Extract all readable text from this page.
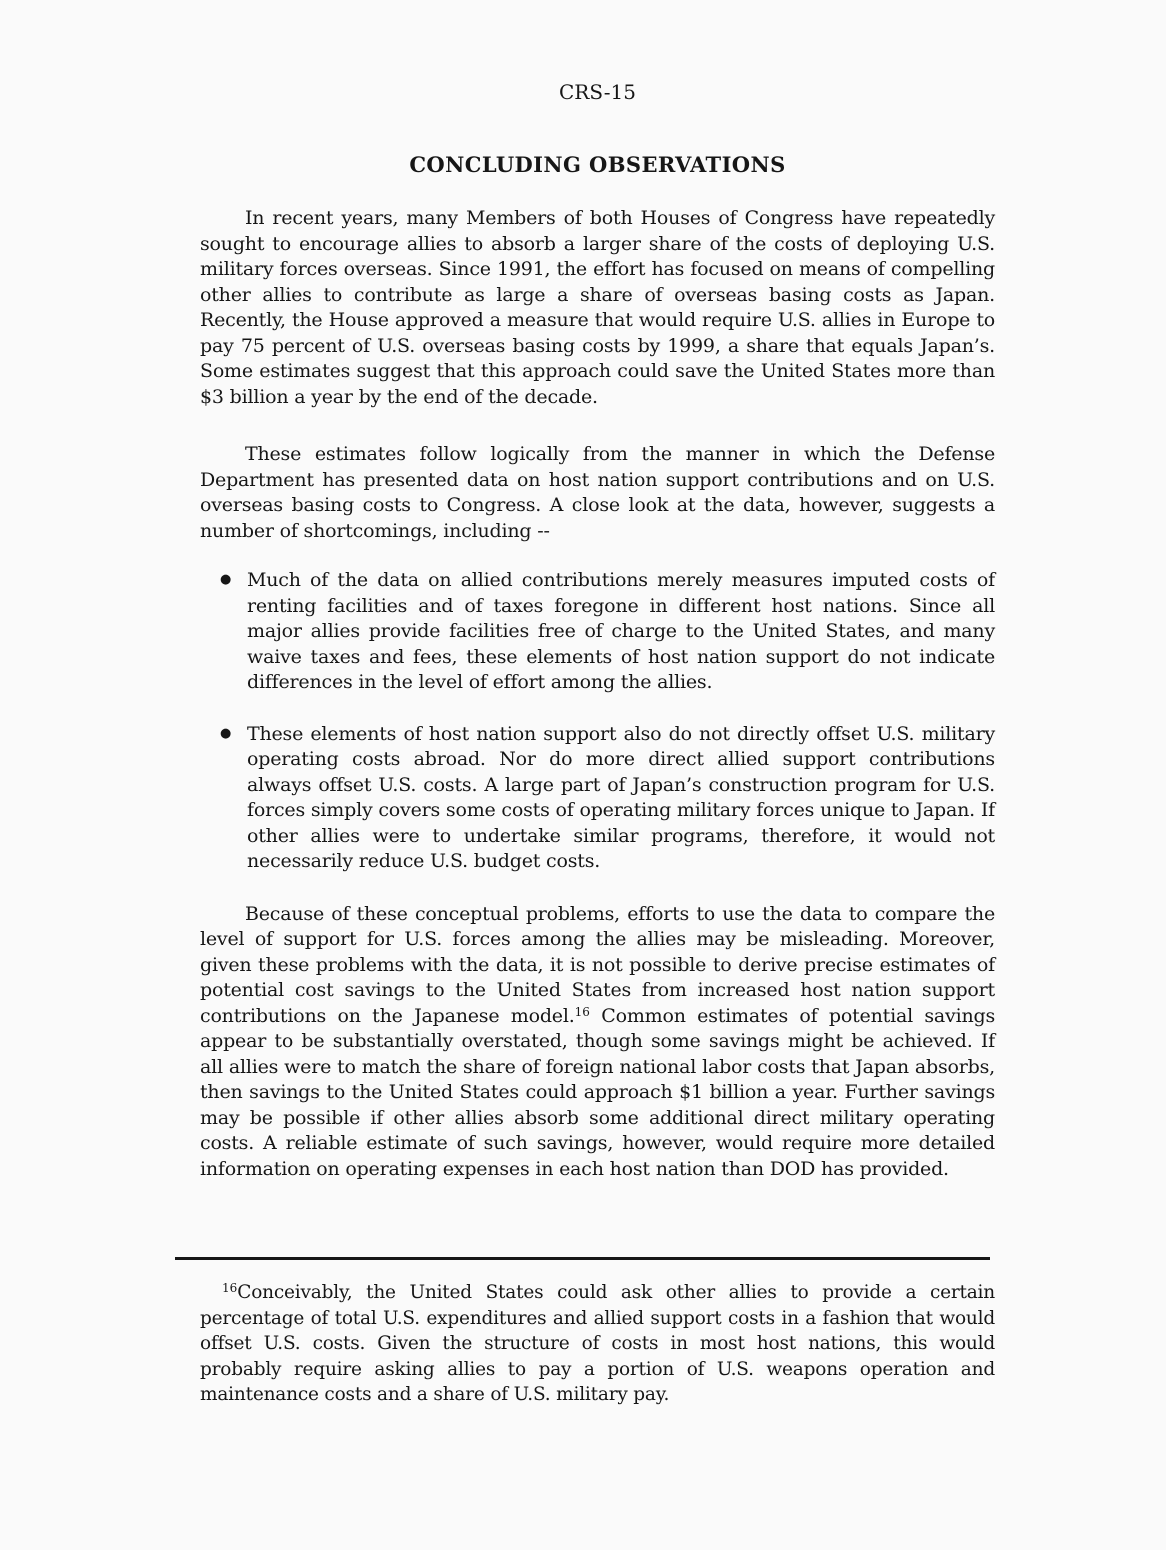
CRS-15
CONCLUDING OBSERVATIONS

In recent years, many Members of both Houses of Congress have repeatedly sought to encourage allies to absorb a larger share of the costs of deploying U.S. military forces overseas. Since 1991, the effort has focused on means of compelling other allies to contribute as large a share of overseas basing costs as Japan. Recently, the House approved a measure that would require U.S. allies in Europe to pay 75 percent of U.S. overseas basing costs by 1999, a share that equals Japan’s. Some estimates suggest that this approach could save the United States more than $3 billion a year by the end of the decade.

These estimates follow logically from the manner in which the Defense Department has presented data on host nation support contributions and on U.S. overseas basing costs to Congress. A close look at the data, however, suggests a number of shortcomings, including --

● Much of the data on allied contributions merely measures imputed costs of renting facilities and of taxes foregone in different host nations. Since all major allies provide facilities free of charge to the United States, and many waive taxes and fees, these elements of host nation support do not indicate differences in the level of effort among the allies.

● These elements of host nation support also do not directly offset U.S. military operating costs abroad. Nor do more direct allied support contributions always offset U.S. costs. A large part of Japan’s construction program for U.S. forces simply covers some costs of operating military forces unique to Japan. If other allies were to undertake similar programs, therefore, it would not necessarily reduce U.S. budget costs.

Because of these conceptual problems, efforts to use the data to compare the level of support for U.S. forces among the allies may be misleading. Moreover, given these problems with the data, it is not possible to derive precise estimates of potential cost savings to the United States from increased host nation support contributions on the Japanese model.$^{16}$ Common estimates of potential savings appear to be substantially overstated, though some savings might be achieved. If all allies were to match the share of foreign national labor costs that Japan absorbs, then savings to the United States could approach $1 billion a year. Further savings may be possible if other allies absorb some additional direct military operating costs. A reliable estimate of such savings, however, would require more detailed information on operating expenses in each host nation than DOD has provided.

$^{16}$Conceivably, the United States could ask other allies to provide a certain percentage of total U.S. expenditures and allied support costs in a fashion that would offset U.S. costs. Given the structure of costs in most host nations, this would probably require asking allies to pay a portion of U.S. weapons operation and maintenance costs and a share of U.S. military pay.
